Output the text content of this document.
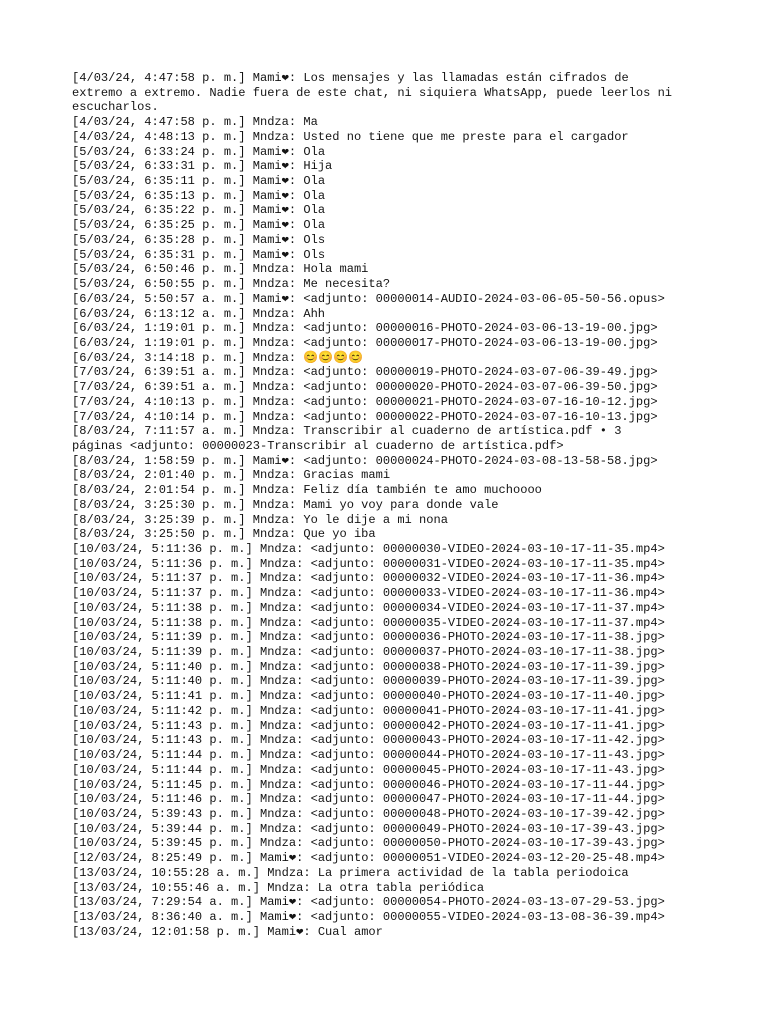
[4/03/24, 4:47:58 p. m.] Mami❤: Los mensajes y las llamadas están cifrados de
extremo a extremo. Nadie fuera de este chat, ni siquiera WhatsApp, puede leerlos ni
escucharlos.
[4/03/24, 4:47:58 p. m.] Mndza: Ma
[4/03/24, 4:48:13 p. m.] Mndza: Usted no tiene que me preste para el cargador
[5/03/24, 6:33:24 p. m.] Mami❤: Ola
[5/03/24, 6:33:31 p. m.] Mami❤: Hija
[5/03/24, 6:35:11 p. m.] Mami❤: Ola
[5/03/24, 6:35:13 p. m.] Mami❤: Ola
[5/03/24, 6:35:22 p. m.] Mami❤: Ola
[5/03/24, 6:35:25 p. m.] Mami❤: Ola
[5/03/24, 6:35:28 p. m.] Mami❤: Ols
[5/03/24, 6:35:31 p. m.] Mami❤: Ols
[5/03/24, 6:50:46 p. m.] Mndza: Hola mami
[5/03/24, 6:50:55 p. m.] Mndza: Me necesita?
[6/03/24, 5:50:57 a. m.] Mami❤: <adjunto: 00000014-AUDIO-2024-03-06-05-50-56.opus>
[6/03/24, 6:13:12 a. m.] Mndza: Ahh
[6/03/24, 1:19:01 p. m.] Mndza: <adjunto: 00000016-PHOTO-2024-03-06-13-19-00.jpg>
[6/03/24, 1:19:01 p. m.] Mndza: <adjunto: 00000017-PHOTO-2024-03-06-13-19-00.jpg>
[6/03/24, 3:14:18 p. m.] Mndza: 😊😊😊😊
[7/03/24, 6:39:51 a. m.] Mndza: <adjunto: 00000019-PHOTO-2024-03-07-06-39-49.jpg>
[7/03/24, 6:39:51 a. m.] Mndza: <adjunto: 00000020-PHOTO-2024-03-07-06-39-50.jpg>
[7/03/24, 4:10:13 p. m.] Mndza: <adjunto: 00000021-PHOTO-2024-03-07-16-10-12.jpg>
[7/03/24, 4:10:14 p. m.] Mndza: <adjunto: 00000022-PHOTO-2024-03-07-16-10-13.jpg>
[8/03/24, 7:11:57 a. m.] Mndza: Transcribir al cuaderno de artística.pdf • 3
páginas <adjunto: 00000023-Transcribir al cuaderno de artística.pdf>
[8/03/24, 1:58:59 p. m.] Mami❤: <adjunto: 00000024-PHOTO-2024-03-08-13-58-58.jpg>
[8/03/24, 2:01:40 p. m.] Mndza: Gracias mami
[8/03/24, 2:01:54 p. m.] Mndza: Feliz día también te amo muchoooo
[8/03/24, 3:25:30 p. m.] Mndza: Mami yo voy para donde vale
[8/03/24, 3:25:39 p. m.] Mndza: Yo le dije a mi nona
[8/03/24, 3:25:50 p. m.] Mndza: Que yo iba
[10/03/24, 5:11:36 p. m.] Mndza: <adjunto: 00000030-VIDEO-2024-03-10-17-11-35.mp4>
[10/03/24, 5:11:36 p. m.] Mndza: <adjunto: 00000031-VIDEO-2024-03-10-17-11-35.mp4>
[10/03/24, 5:11:37 p. m.] Mndza: <adjunto: 00000032-VIDEO-2024-03-10-17-11-36.mp4>
[10/03/24, 5:11:37 p. m.] Mndza: <adjunto: 00000033-VIDEO-2024-03-10-17-11-36.mp4>
[10/03/24, 5:11:38 p. m.] Mndza: <adjunto: 00000034-VIDEO-2024-03-10-17-11-37.mp4>
[10/03/24, 5:11:38 p. m.] Mndza: <adjunto: 00000035-VIDEO-2024-03-10-17-11-37.mp4>
[10/03/24, 5:11:39 p. m.] Mndza: <adjunto: 00000036-PHOTO-2024-03-10-17-11-38.jpg>
[10/03/24, 5:11:39 p. m.] Mndza: <adjunto: 00000037-PHOTO-2024-03-10-17-11-38.jpg>
[10/03/24, 5:11:40 p. m.] Mndza: <adjunto: 00000038-PHOTO-2024-03-10-17-11-39.jpg>
[10/03/24, 5:11:40 p. m.] Mndza: <adjunto: 00000039-PHOTO-2024-03-10-17-11-39.jpg>
[10/03/24, 5:11:41 p. m.] Mndza: <adjunto: 00000040-PHOTO-2024-03-10-17-11-40.jpg>
[10/03/24, 5:11:42 p. m.] Mndza: <adjunto: 00000041-PHOTO-2024-03-10-17-11-41.jpg>
[10/03/24, 5:11:43 p. m.] Mndza: <adjunto: 00000042-PHOTO-2024-03-10-17-11-41.jpg>
[10/03/24, 5:11:43 p. m.] Mndza: <adjunto: 00000043-PHOTO-2024-03-10-17-11-42.jpg>
[10/03/24, 5:11:44 p. m.] Mndza: <adjunto: 00000044-PHOTO-2024-03-10-17-11-43.jpg>
[10/03/24, 5:11:44 p. m.] Mndza: <adjunto: 00000045-PHOTO-2024-03-10-17-11-43.jpg>
[10/03/24, 5:11:45 p. m.] Mndza: <adjunto: 00000046-PHOTO-2024-03-10-17-11-44.jpg>
[10/03/24, 5:11:46 p. m.] Mndza: <adjunto: 00000047-PHOTO-2024-03-10-17-11-44.jpg>
[10/03/24, 5:39:43 p. m.] Mndza: <adjunto: 00000048-PHOTO-2024-03-10-17-39-42.jpg>
[10/03/24, 5:39:44 p. m.] Mndza: <adjunto: 00000049-PHOTO-2024-03-10-17-39-43.jpg>
[10/03/24, 5:39:45 p. m.] Mndza: <adjunto: 00000050-PHOTO-2024-03-10-17-39-43.jpg>
[12/03/24, 8:25:49 p. m.] Mami❤: <adjunto: 00000051-VIDEO-2024-03-12-20-25-48.mp4>
[13/03/24, 10:55:28 a. m.] Mndza: La primera actividad de la tabla periodoica
[13/03/24, 10:55:46 a. m.] Mndza: La otra tabla periódica
[13/03/24, 7:29:54 a. m.] Mami❤: <adjunto: 00000054-PHOTO-2024-03-13-07-29-53.jpg>
[13/03/24, 8:36:40 a. m.] Mami❤: <adjunto: 00000055-VIDEO-2024-03-13-08-36-39.mp4>
[13/03/24, 12:01:58 p. m.] Mami❤: Cual amor
